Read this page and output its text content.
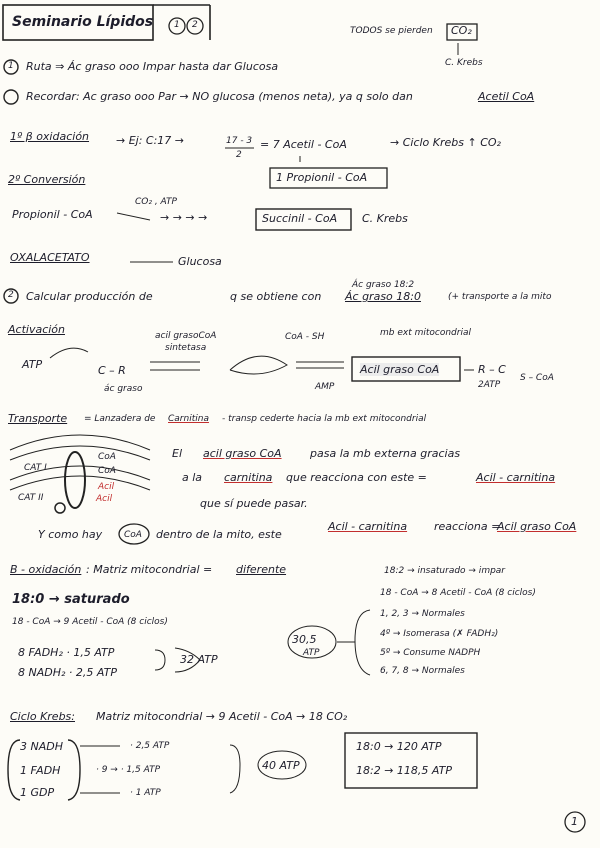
Seminario Lípidos 1 2
TODOS se pierden CO₂
C. Krebs
1 Ruta ⇒ Ác graso ooo Impar hasta dar Glucosa
Recordar: Ac graso ooo Par → NO glucosa (menos neta), ya q solo dan	Acetil CoA
1º β oxidación → Ej: C:17 →	17 - 3
2
= 7 Acetil - CoA	→ Ciclo Krebs ↑ CO₂
1 Propionil - CoA
2º Conversión
CO₂ , ATP
Propionil - CoA	→ → → →	Succinil - CoA C. Krebs
OXALACETATO	Glucosa
2
Ác graso 18:2
Calcular producción de	q se obtiene con Ác graso 18:0	(+ transporte a la mito
Activación	acil grasoCoA
sintetasa
CoA - SH	mb ext mitocondrial
ATP	C – R
ác graso	AMP
Acil graso CoA	R – C
S – CoA
2ATP
Transporte = Lanzadera de Carnitina - transp cederte hacia la mb ext mitocondrial
CAT I
CAT II
CoA
CoA
Acil
Acil
El acil graso CoA	pasa la mb externa gracias
a la carnitina que reacciona con este =	Acil - carnitina
que sí puede pasar.
Y como hay CoA dentro de la mito, este
Acil - carnitina reacciona =
Acil graso CoA
B - oxidación : Matriz mitocondrial = diferente
18:0 → saturado
18 - CoA → 9 Acetil - CoA (8 ciclos)
8 FADH₂ · 1,5 ATP
8 NADH₂ · 2,5 ATP
32 ATP
18:2 → insaturado → impar
18 - CoA → 8 Acetil - CoA (8 ciclos)
1, 2, 3 → Normales
4º → Isomerasa (✗ FADH₂)
5º → Consume NADPH
6, 7, 8 → Normales
30,5
ATP
Ciclo Krebs: Matriz mitocondrial → 9 Acetil - CoA → 18 CO₂
3 NADH
1 FADH
1 GDP
· 2,5 ATP
· 9 → · 1,5 ATP
· 1 ATP
40 ATP
18:0 → 120 ATP
18:2 → 118,5 ATP
1
